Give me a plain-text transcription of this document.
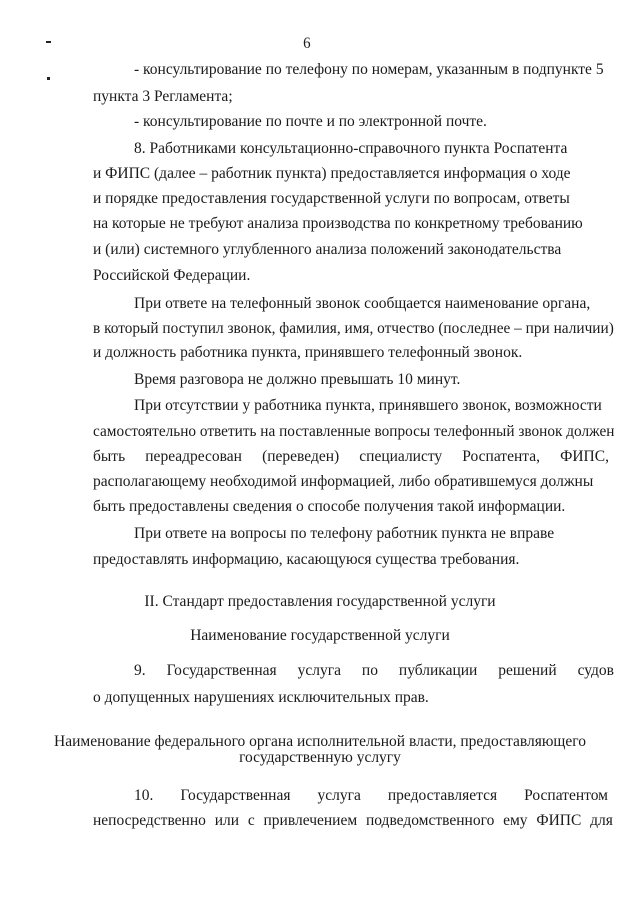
6
- консультирование по телефону по номерам, указанным в подпункте 5
пункта 3 Регламента;
- консультирование по почте и по электронной почте.
8. Работниками консультационно-справочного пункта Роспатента
и ФИПС (далее – работник пункта) предоставляется информация о ходе
и порядке предоставления государственной услуги по вопросам, ответы
на которые не требуют анализа производства по конкретному требованию
и (или) системного углубленного анализа положений законодательства
Российской Федерации.
При ответе на телефонный звонок сообщается наименование органа,
в который поступил звонок, фамилия, имя, отчество (последнее – при наличии)
и должность работника пункта, принявшего телефонный звонок.
Время разговора не должно превышать 10 минут.
При отсутствии у работника пункта, принявшего звонок, возможности
самостоятельно ответить на поставленные вопросы телефонный звонок должен
быть переадресован (переведен) специалисту Роспатента, ФИПС,
располагающему необходимой информацией, либо обратившемуся должны
быть предоставлены сведения о способе получения такой информации.
При ответе на вопросы по телефону работник пункта не вправе
предоставлять информацию, касающуюся существа требования.
II. Стандарт предоставления государственной услуги
Наименование государственной услуги
9. Государственная услуга по публикации решений судов
о допущенных нарушениях исключительных прав.
Наименование федерального органа исполнительной власти, предоставляющего
государственную услугу
10. Государственная услуга предоставляется Роспатентом
непосредственно или с привлечением подведомственного ему ФИПС для
